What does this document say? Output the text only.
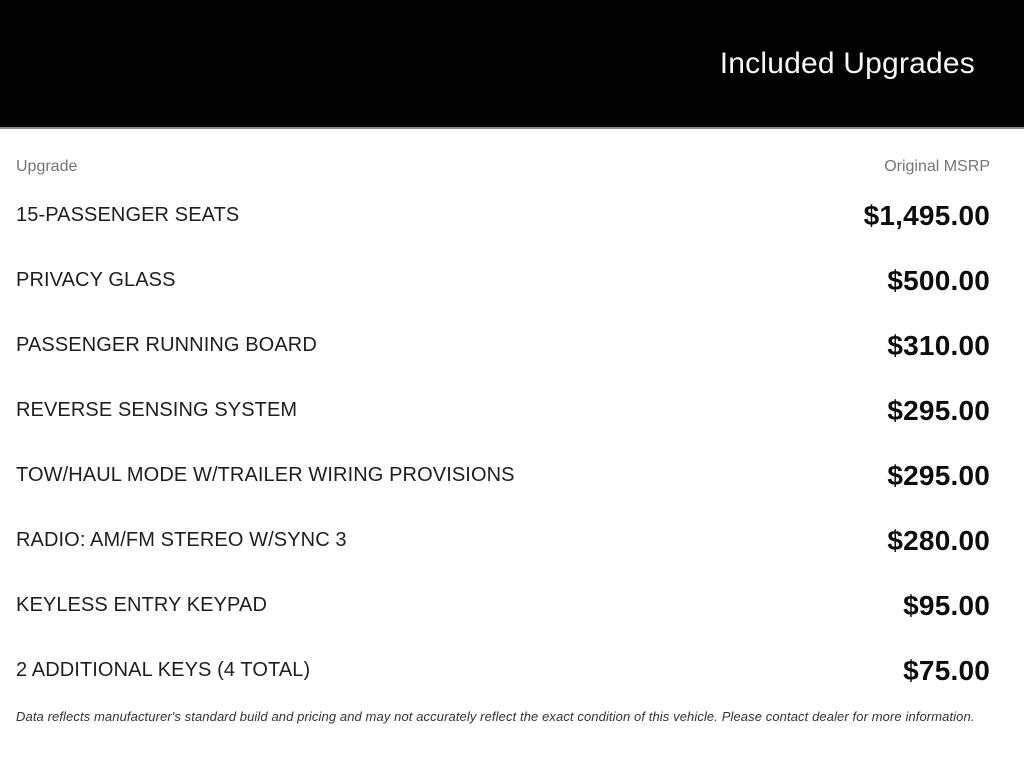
Included Upgrades
Upgrade	Original MSRP
15-PASSENGER SEATS	$1,495.00
PRIVACY GLASS	$500.00
PASSENGER RUNNING BOARD	$310.00
REVERSE SENSING SYSTEM	$295.00
TOW/HAUL MODE W/TRAILER WIRING PROVISIONS	$295.00
RADIO: AM/FM STEREO W/SYNC 3	$280.00
KEYLESS ENTRY KEYPAD	$95.00
2 ADDITIONAL KEYS (4 TOTAL)	$75.00
Data reflects manufacturer's standard build and pricing and may not accurately reflect the exact condition of this vehicle. Please contact dealer for more information.
